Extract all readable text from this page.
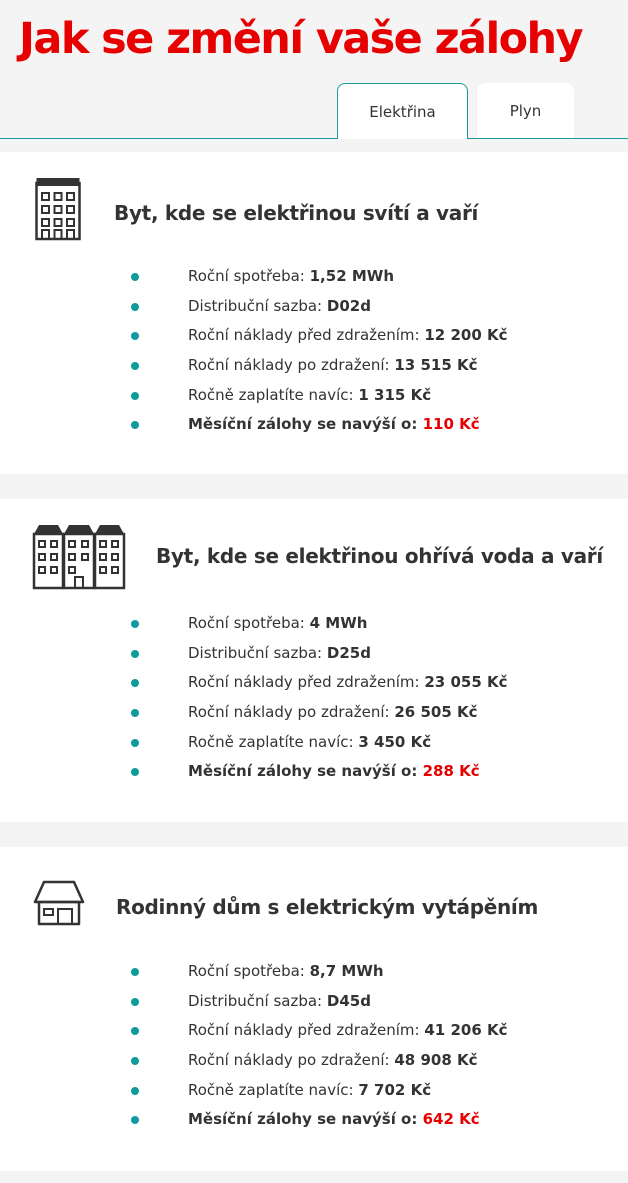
Jak se změní vaše zálohy
Elektřina	Plyn
Byt, kde se elektřinou svítí a vaří
Roční spotřeba: 1,52 MWh
Distribuční sazba: D02d
Roční náklady před zdražením: 12 200 Kč
Roční náklady po zdražení: 13 515 Kč
Ročně zaplatíte navíc: 1 315 Kč
Měsíční zálohy se navýší o: 110 Kč
Byt, kde se elektřinou ohřívá voda a vaří
Roční spotřeba: 4 MWh
Distribuční sazba: D25d
Roční náklady před zdražením: 23 055 Kč
Roční náklady po zdražení: 26 505 Kč
Ročně zaplatíte navíc: 3 450 Kč
Měsíční zálohy se navýší o: 288 Kč
Rodinný dům s elektrickým vytápěním
Roční spotřeba: 8,7 MWh
Distribuční sazba: D45d
Roční náklady před zdražením: 41 206 Kč
Roční náklady po zdražení: 48 908 Kč
Ročně zaplatíte navíc: 7 702 Kč
Měsíční zálohy se navýší o: 642 Kč
